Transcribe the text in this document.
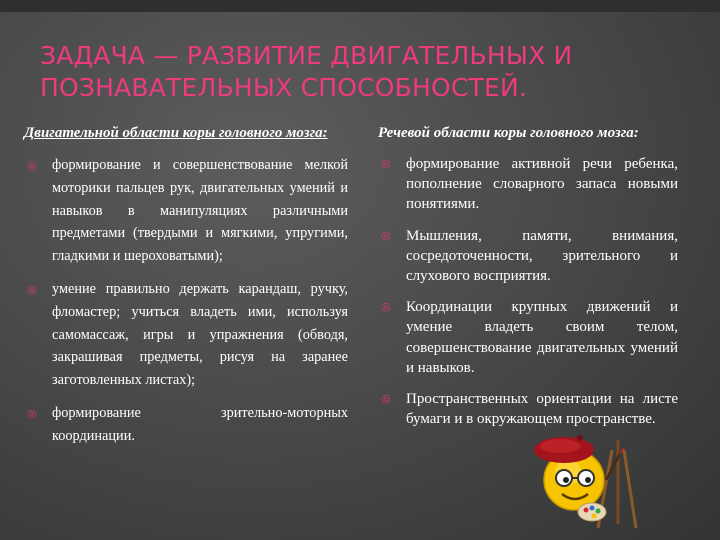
ЗАДАЧА — РАЗВИТИЕ ДВИГАТЕЛЬНЫХ И ПОЗНАВАТЕЛЬНЫХ СПОСОБНОСТЕЙ.

Двигательной области коры головного мозга:

◎ формирование и совершенствование мелкой моторики пальцев рук, двигательных умений и навыков в манипуляциях различными предметами (твердыми и мягкими, упругими, гладкими и шероховатыми);
◎ умение правильно держать карандаш, ручку, фломастер; учиться владеть ими, используя самомассаж, игры и упражнения (обводя, закрашивая предметы, рисуя на заранее заготовленных листах);
◎ формирование зрительно-моторных координации.

Речевой области коры головного мозга:

◎ формирование активной речи ребенка, пополнение словарного запаса новыми понятиями.
◎ Мышления, памяти, внимания, сосредоточенности, зрительного и слухового восприятия.
◎ Координации крупных движений и умение владеть своим телом, совершенствование двигательных умений и навыков.
◎ Пространственных ориентации на листе бумаги и в окружающем пространстве.
